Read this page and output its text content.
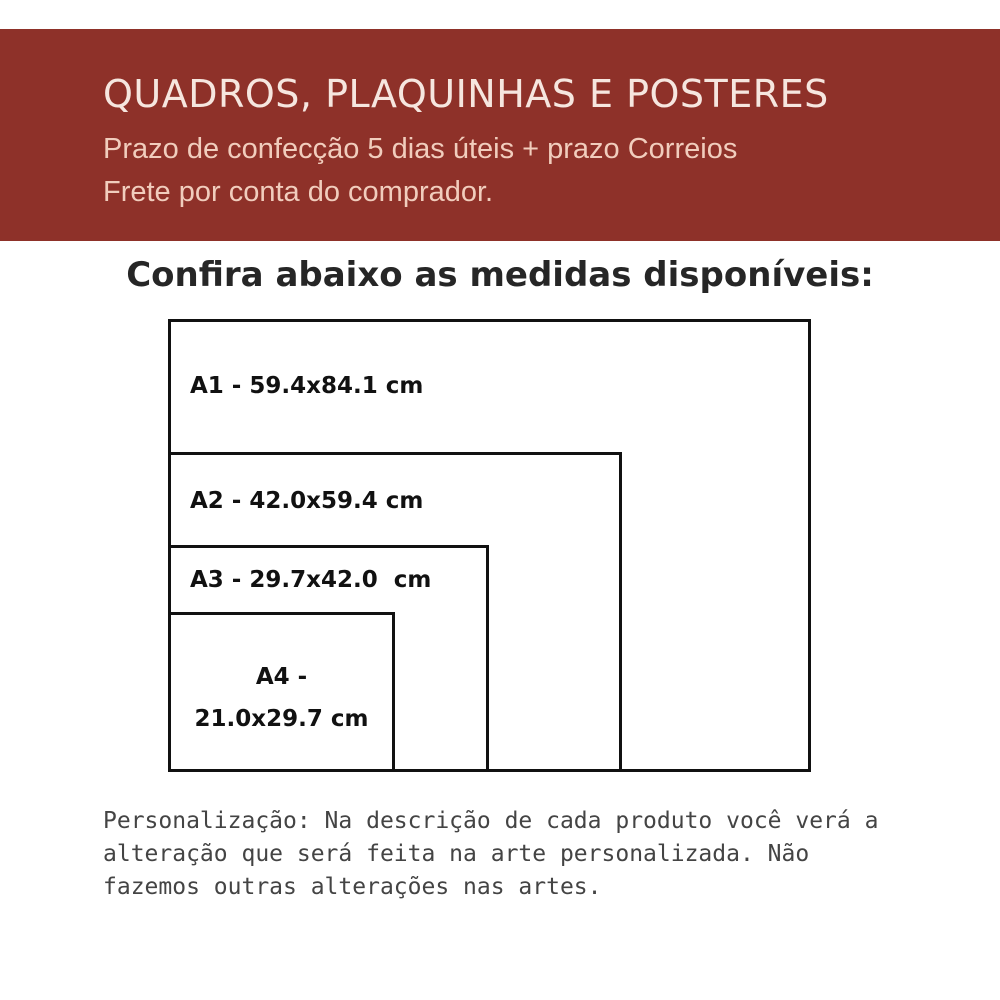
QUADROS, PLAQUINHAS E POSTERES

Prazo de confecção 5 dias úteis + prazo Correios

Frete por conta do comprador.

Confira abaixo as medidas disponíveis:

A1 - 59.4x84.1 cm

A2 - 42.0x59.4 cm

A3 - 29.7x42.0  cm

A4 -
21.0x29.7 cm

Personalização: Na descrição de cada produto você verá a
alteração que será feita na arte personalizada. Não
fazemos outras alterações nas artes.
